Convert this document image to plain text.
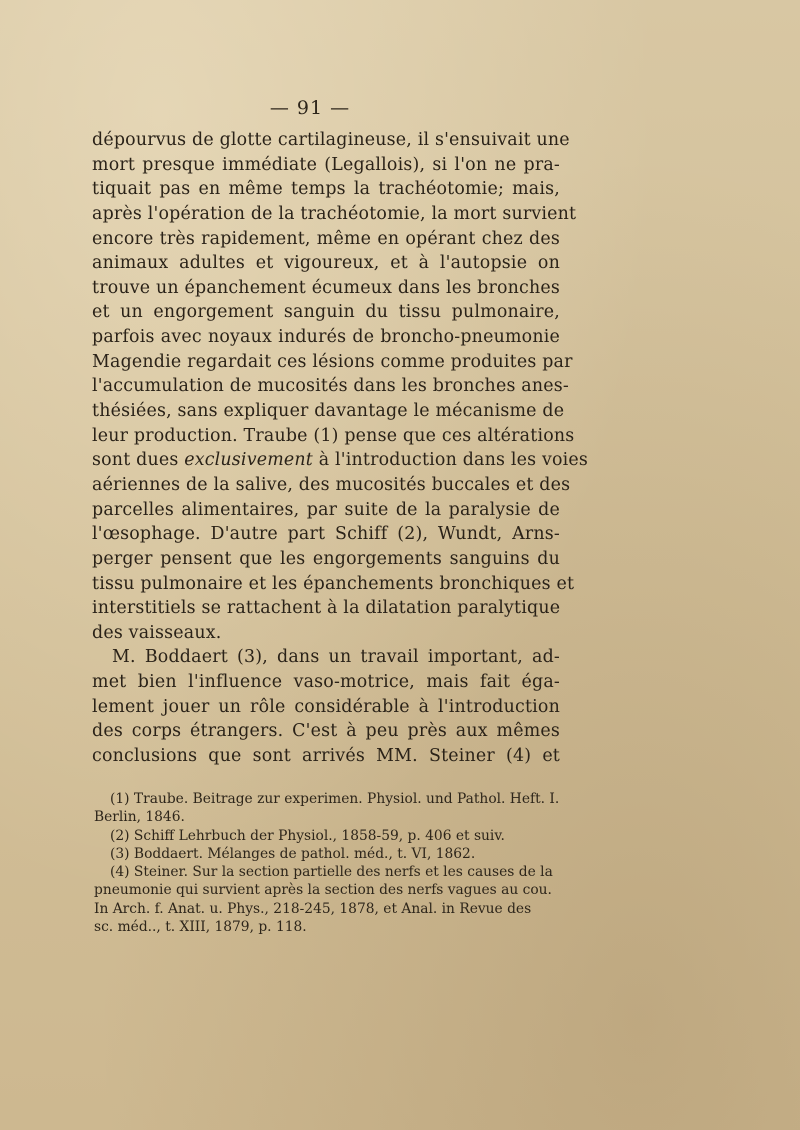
— 91 —
dépourvus de glotte cartilagineuse, il s'ensuivait une
mort presque immédiate (Legallois), si l'on ne pra-
tiquait pas en même temps la trachéotomie; mais,
après l'opération de la trachéotomie, la mort survient
encore très rapidement, même en opérant chez des
animaux adultes et vigoureux, et à l'autopsie on
trouve un épanchement écumeux dans les bronches
et un engorgement sanguin du tissu pulmonaire,
parfois avec noyaux indurés de broncho-pneumonie
Magendie regardait ces lésions comme produites par
l'accumulation de mucosités dans les bronches anes-
thésiées, sans expliquer davantage le mécanisme de
leur production. Traube (1) pense que ces altérations
sont dues exclusivement à l'introduction dans les voies
aériennes de la salive, des mucosités buccales et des
parcelles alimentaires, par suite de la paralysie de
l'œsophage. D'autre part Schiff (2), Wundt, Arns-
perger pensent que les engorgements sanguins du
tissu pulmonaire et les épanchements bronchiques et
interstitiels se rattachent à la dilatation paralytique
des vaisseaux.
M. Boddaert (3), dans un travail important, ad-
met bien l'influence vaso-motrice, mais fait éga-
lement jouer un rôle considérable à l'introduction
des corps étrangers. C'est à peu près aux mêmes
conclusions que sont arrivés MM. Steiner (4) et
(1) Traube. Beitrage zur experimen. Physiol. und Pathol. Heft. I.
Berlin, 1846.
(2) Schiff Lehrbuch der Physiol., 1858-59, p. 406 et suiv.
(3) Boddaert. Mélanges de pathol. méd., t. VI, 1862.
(4) Steiner. Sur la section partielle des nerfs et les causes de la
pneumonie qui survient après la section des nerfs vagues au cou.
In Arch. f. Anat. u. Phys., 218-245, 1878, et Anal. in Revue des
sc. méd.., t. XIII, 1879, p. 118.
